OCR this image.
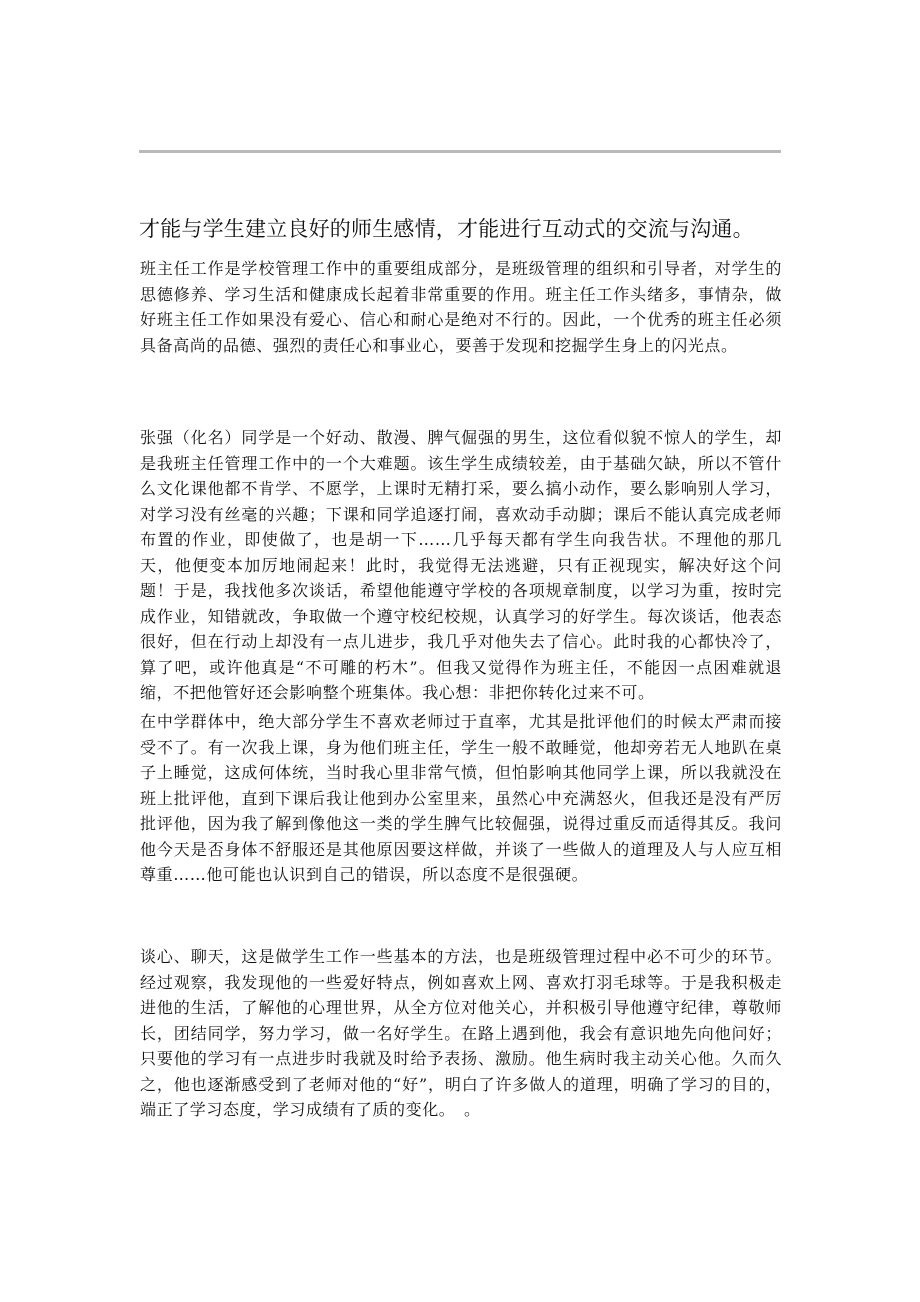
才能与学生建立良好的师生感情，才能进行互动式的交流与沟通。

班主任工作是学校管理工作中的重要组成部分，是班级管理的组织和引导者，对学生的思德修养、学习生活和健康成长起着非常重要的作用。班主任工作头绪多，事情杂，做好班主任工作如果没有爱心、信心和耐心是绝对不行的。因此，一个优秀的班主任必须具备高尚的品德、强烈的责任心和事业心，要善于发现和挖掘学生身上的闪光点。

张强（化名）同学是一个好动、散漫、脾气倔强的男生，这位看似貌不惊人的学生，却是我班主任管理工作中的一个大难题。该生学生成绩较差，由于基础欠缺，所以不管什么文化课他都不肯学、不愿学，上课时无精打采，要么搞小动作，要么影响别人学习，对学习没有丝毫的兴趣；下课和同学追逐打闹，喜欢动手动脚；课后不能认真完成老师布置的作业，即使做了，也是胡一下……几乎每天都有学生向我告状。不理他的那几天，他便变本加厉地闹起来！此时，我觉得无法逃避，只有正视现实，解决好这个问题！于是，我找他多次谈话，希望他能遵守学校的各项规章制度，以学习为重，按时完成作业，知错就改，争取做一个遵守校纪校规，认真学习的好学生。每次谈话，他表态很好，但在行动上却没有一点儿进步，我几乎对他失去了信心。此时我的心都快冷了，算了吧，或许他真是“不可雕的朽木”。但我又觉得作为班主任，不能因一点困难就退缩，不把他管好还会影响整个班集体。我心想：非把你转化过来不可。

在中学群体中，绝大部分学生不喜欢老师过于直率，尤其是批评他们的时候太严肃而接受不了。有一次我上课，身为他们班主任，学生一般不敢睡觉，他却旁若无人地趴在桌子上睡觉，这成何体统，当时我心里非常气愤，但怕影响其他同学上课，所以我就没在班上批评他，直到下课后我让他到办公室里来，虽然心中充满怒火，但我还是没有严厉批评他，因为我了解到像他这一类的学生脾气比较倔强，说得过重反而适得其反。我问他今天是否身体不舒服还是其他原因要这样做，并谈了一些做人的道理及人与人应互相尊重……他可能也认识到自己的错误，所以态度不是很强硬。

谈心、聊天，这是做学生工作一些基本的方法，也是班级管理过程中必不可少的环节。经过观察，我发现他的一些爱好特点，例如喜欢上网、喜欢打羽毛球等。于是我积极走进他的生活，了解他的心理世界，从全方位对他关心，并积极引导他遵守纪律，尊敬师长，团结同学，努力学习，做一名好学生。在路上遇到他，我会有意识地先向他问好；只要他的学习有一点进步时我就及时给予表扬、激励。他生病时我主动关心他。久而久之，他也逐渐感受到了老师对他的“好”，明白了许多做人的道理，明确了学习的目的，端正了学习态度，学习成绩有了质的变化。　。
